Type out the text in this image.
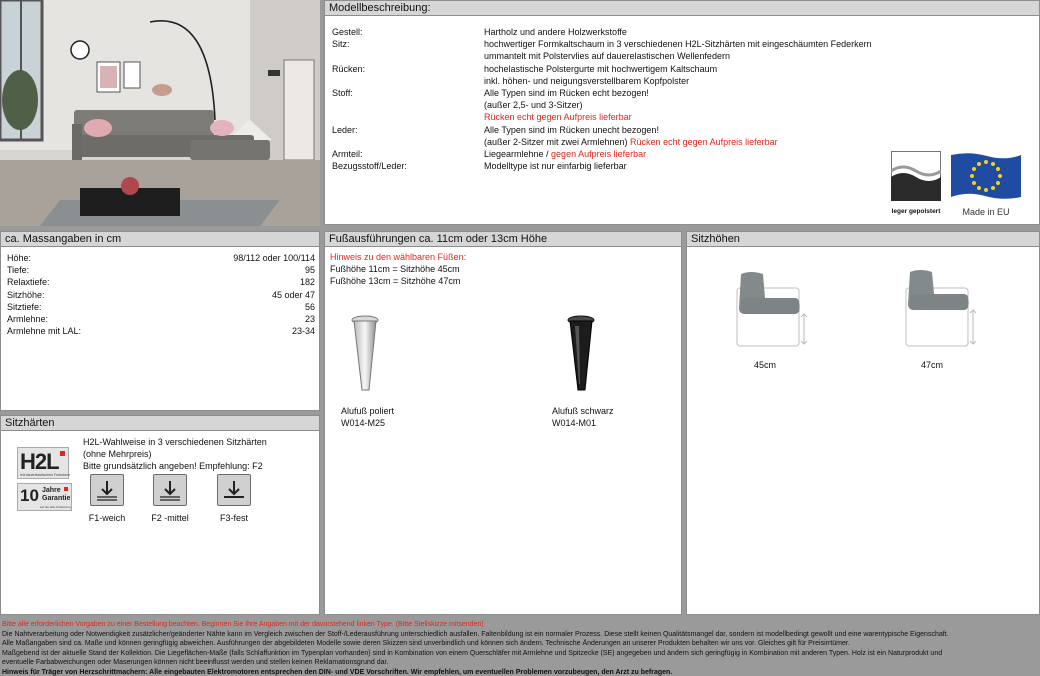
Modellbeschreibung:
Gestell:	Hartholz und andere Holzwerkstoffe
Sitz:	hochwertiger Formkaltschaum in 3 verschiedenen H2L-Sitzhärten mit eingeschäumten Federkern
ummantelt mit Polstervlies auf dauerelastischen Wellenfedern
Rücken:	hochelastische Polstergurte mit hochwertigem Kaltschaum
inkl. höhen- und neigungsverstellbarem Kopfpolster
Stoff:	Alle Typen sind im Rücken echt bezogen!
(außer 2,5- und 3-Sitzer)
Rücken echt gegen Aufpreis lieferbar
Leder:	Alle Typen sind im Rücken unecht bezogen!
(außer 2-Sitzer mit zwei Armlehnen) Rücken echt gegen Aufpreis lieferbar
Armteil:	Liegearmlehne / gegen Aufpreis lieferbar
Bezugsstoff/Leder:	Modelltype ist nur einfarbig lieferbar
leger gepolstert	Made in EU
ca. Massangaben in cm
Höhe:	98/112 oder 100/114
Tiefe:	95
Relaxtiefe:	182
Sitzhöhe:	45 oder 47
Sitztiefe:	56
Armlehne:	23
Armlehne mit LAL:	23-34
Sitzhärten
H2L
mit dauerelastischem Federkern
10 Jahre
Garantie
auf die H2L-Polsterung
H2L-Wahlweise in 3 verschiedenen Sitzhärten
(ohne Mehrpreis)
Bitte grundsätzlich angeben! Empfehlung: F2
F1-weich	F2 -mittel	F3-fest
Fußausführungen ca. 11cm oder 13cm Höhe
Hinweis zu den wählbaren Füßen:
Fußhöhe 11cm = Sitzhöhe 45cm
Fußhöhe 13cm = Sitzhöhe 47cm
Alufuß poliert
W014-M25
Alufuß schwarz
W014-M01
Sitzhöhen
45cm	47cm

Bitte alle erforderlichen Vorgaben zu einer Bestellung beachten. Beginnen Sie Ihre Angaben mit der davorstehend linken Type. (Bitte Stellskizze mitsenden)

Die Nahtverarbeitung oder Notwendigkeit zusätzlicher/geänderter Nähte kann im Vergleich zwischen der Stoff-/Lederausführung unterschiedlich ausfallen. Faltenbildung ist ein normaler Prozess. Diese stellt keinen Qualitätsmangel dar, sondern ist modellbedingt gewollt und eine warentypische Eigenschaft.

Alle Maßangaben sind ca. Maße und können geringfügig abweichen. Ausführungen der abgebildeten Modelle sowie deren Skizzen sind unverbindlich und können sich ändern. Technische Änderungen an unserer Produkten behalten wir uns vor. Gleiches gilt für Preisirrtümer.

Maßgebend ist der aktuelle Stand der Kollektion. Die Liegeflächen-Maße (falls Schlaffunktion im Typenplan vorhanden) sind in Kombination von einem Querschläfer mit Armlehne und Spitzecke (SE) angegeben und ändern sich geringfügig in Kombination mit anderen Typen. Holz ist ein Naturprodukt und

eventuelle Farbabweichungen oder Maserungen können nicht beeinflusst werden und stellen keinen Reklamationsgrund dar.

Hinweis für Träger von Herzschrittmachern: Alle eingebauten Elektromotoren entsprechen den DIN- und VDE Vorschriften. Wir empfehlen, um eventuellen Problemen vorzubeugen, den Arzt zu befragen.
